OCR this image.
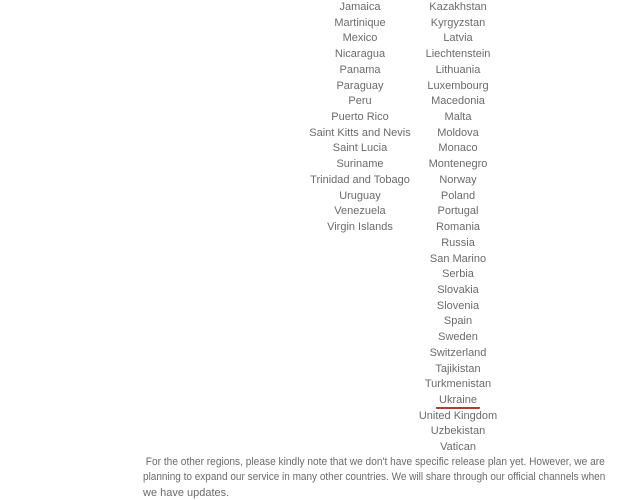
Jamaica
Martinique
Mexico
Nicaragua
Panama
Paraguay
Peru
Puerto Rico
Saint Kitts and Nevis
Saint Lucia
Suriname
Trinidad and Tobago
Uruguay
Venezuela
Virgin Islands
Kazakhstan
Kyrgyzstan
Latvia
Liechtenstein
Lithuania
Luxembourg
Macedonia
Malta
Moldova
Monaco
Montenegro
Norway
Poland
Portugal
Romania
Russia
San Marino
Serbia
Slovakia
Slovenia
Spain
Sweden
Switzerland
Tajikistan
Turkmenistan
Ukraine
United Kingdom
Uzbekistan
Vatican
For the other regions, please kindly note that we don't have specific release plan yet. However, we are
planning to expand our service in many other countries. We will share through our official channels when
we have updates.
